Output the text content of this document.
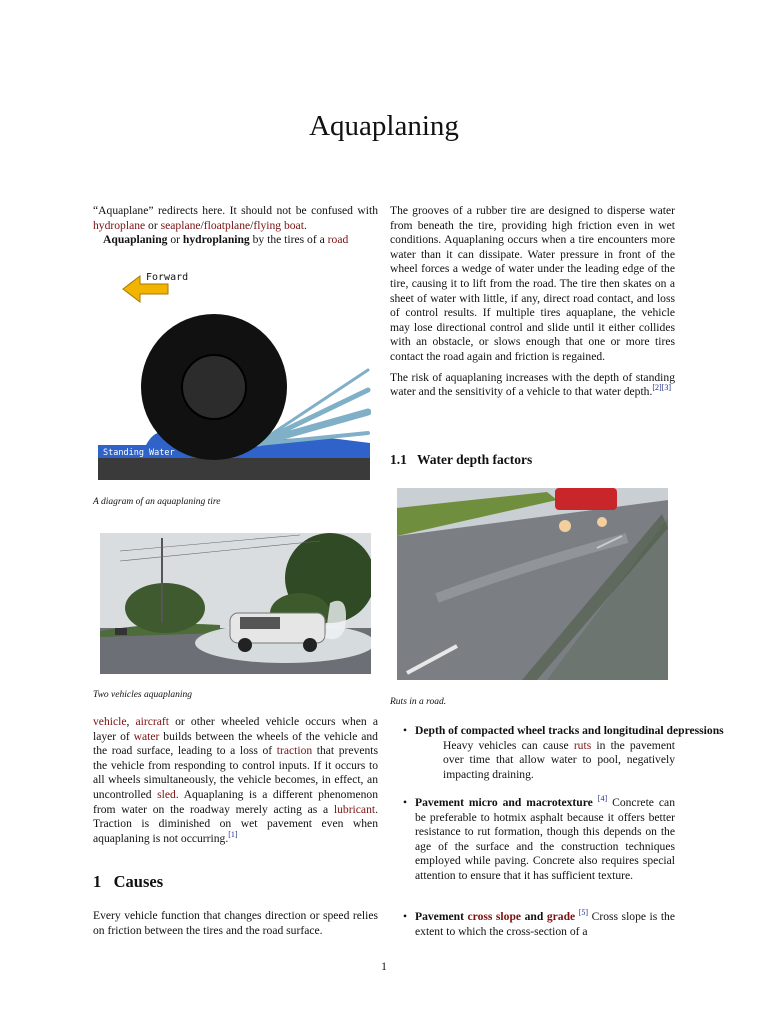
Aquaplaning

“Aquaplane” redirects here. It should not be confused with hydroplane or seaplane/floatplane/flying boat.

Aquaplaning or hydroplaning by the tires of a road

Forward
Standing Water
A diagram of an aquaplaning tire
Two vehicles aquaplaning

vehicle, aircraft or other wheeled vehicle occurs when a layer of water builds between the wheels of the vehicle and the road surface, leading to a loss of traction that prevents the vehicle from responding to control inputs. If it occurs to all wheels simultaneously, the vehicle becomes, in effect, an uncontrolled sled. Aquaplaning is a different phenomenon from water on the roadway merely acting as a lubricant. Traction is diminished on wet pavement even when aquaplaning is not occurring.[1]

1 Causes
Every vehicle function that changes direction or speed relies on friction between the tires and the road surface.

The grooves of a rubber tire are designed to disperse water from beneath the tire, providing high friction even in wet conditions. Aquaplaning occurs when a tire encounters more water than it can dissipate. Water pressure in front of the wheel forces a wedge of water under the leading edge of the tire, causing it to lift from the road. The tire then skates on a sheet of water with little, if any, direct road contact, and loss of control results. If multiple tires aquaplane, the vehicle may lose directional control and slide until it either collides with an obstacle, or slows enough that one or more tires contact the road again and friction is regained.

The risk of aquaplaning increases with the depth of standing water and the sensitivity of a vehicle to that water depth.[2][3]

1.1 Water depth factors
Ruts in a road.
• Depth of compacted wheel tracks and longitudinal depressions
Heavy vehicles can cause ruts in the pavement over time that allow water to pool, negatively impacting draining.
• Pavement micro and macrotexture [4] Concrete can be preferable to hotmix asphalt because it offers better resistance to rut formation, though this depends on the age of the surface and the construction techniques employed while paving. Concrete also requires special attention to ensure that it has sufficient texture.
• Pavement cross slope and grade [5] Cross slope is the extent to which the cross-section of a
1
